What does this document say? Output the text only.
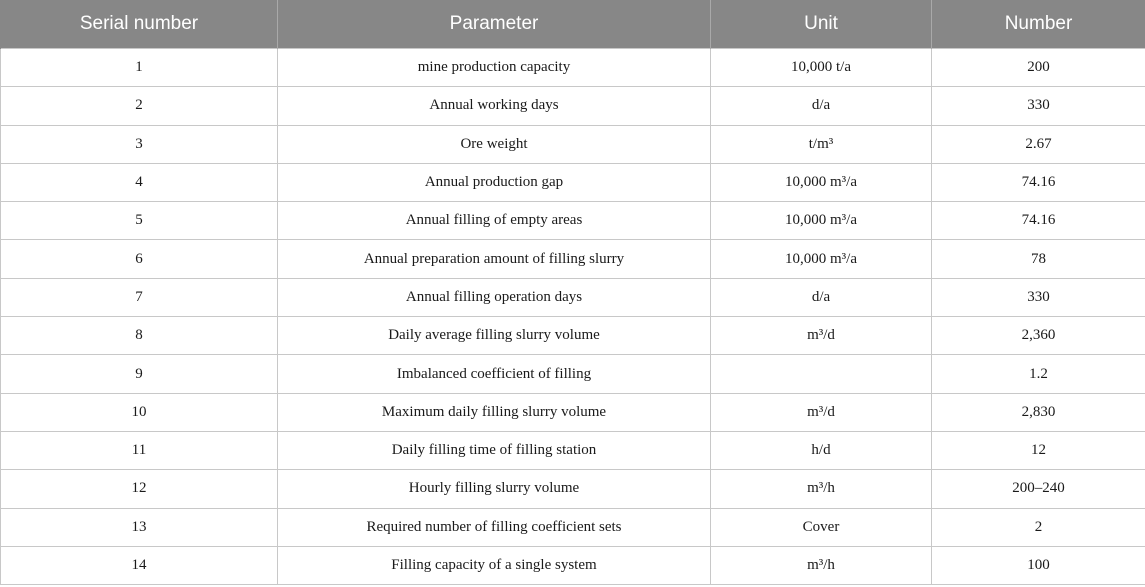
Serial number	Parameter	Unit	Number
1	mine production capacity	10,000 t/a	200
2	Annual working days	d/a	330
3	Ore weight	t/m³	2.67
4	Annual production gap	10,000 m³/a	74.16
5	Annual filling of empty areas	10,000 m³/a	74.16
6	Annual preparation amount of filling slurry	10,000 m³/a	78
7	Annual filling operation days	d/a	330
8	Daily average filling slurry volume	m³/d	2,360
9	Imbalanced coefficient of filling		1.2
10	Maximum daily filling slurry volume	m³/d	2,830
11	Daily filling time of filling station	h/d	12
12	Hourly filling slurry volume	m³/h	200–240
13	Required number of filling coefficient sets	Cover	2
14	Filling capacity of a single system	m³/h	100
